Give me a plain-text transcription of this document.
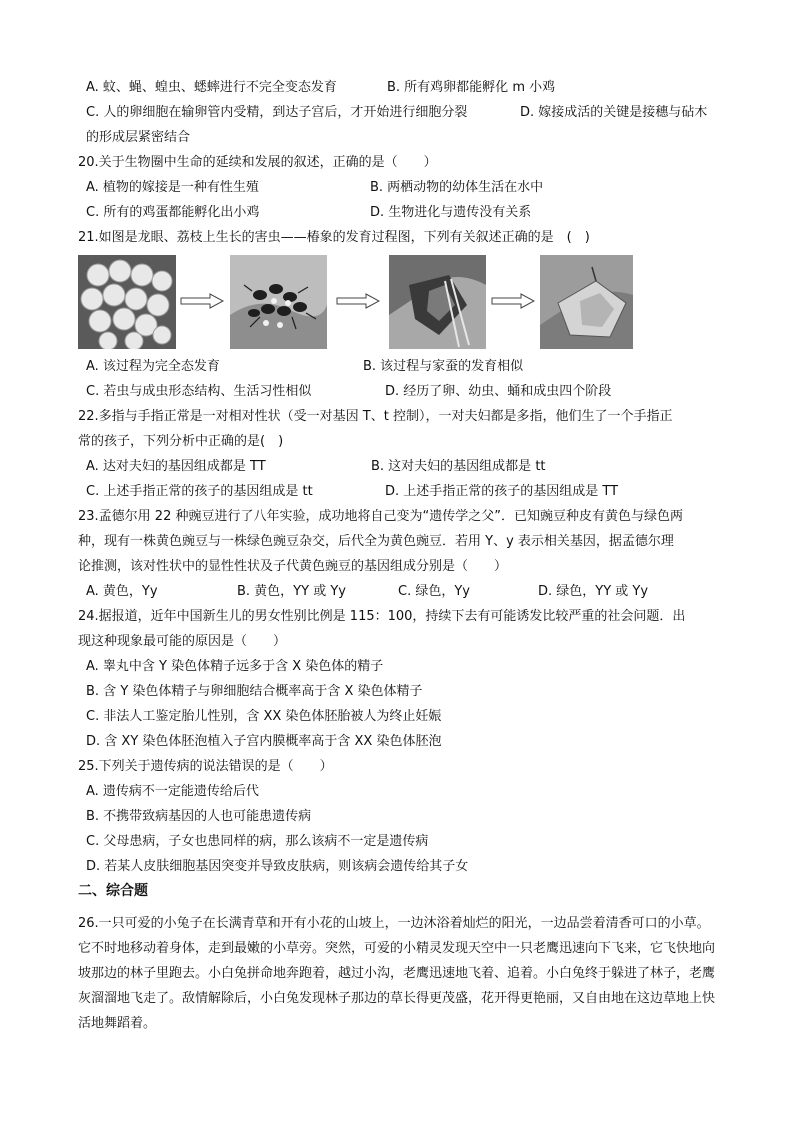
A. 蚊、蝇、蝗虫、蟋蟀进行不完全变态发育	B. 所有鸡卵都能孵化 m 小鸡
C. 人的卵细胞在输卵管内受精，到达子宫后，才开始进行细胞分裂	D. 嫁接成活的关键是接穗与砧木
的形成层紧密结合
20.关于生物圈中生命的延续和发展的叙述，正确的是（　　）
A. 植物的嫁接是一种有性生殖	B. 两栖动物的幼体生活在水中
C. 所有的鸡蛋都能孵化出小鸡	D. 生物进化与遗传没有关系
21.如图是龙眼、荔枝上生长的害虫——椿象的发育过程图，下列有关叙述正确的是　(　)
A. 该过程为完全态发育	B. 该过程与家蚕的发育相似
C. 若虫与成虫形态结构、生活习性相似	D. 经历了卵、幼虫、蛹和成虫四个阶段
22.多指与手指正常是一对相对性状（受一对基因 T、t 控制），一对夫妇都是多指，他们生了一个手指正
常的孩子，下列分析中正确的是(　)
A. 达对夫妇的基因组成都是 TT	B. 这对夫妇的基因组成都是 tt
C. 上述手指正常的孩子的基因组成是 tt	D. 上述手指正常的孩子的基因组成是 TT
23.孟德尔用 22 种豌豆进行了八年实验，成功地将自己变为“遗传学之父”．已知豌豆种皮有黄色与绿色两
种，现有一株黄色豌豆与一株绿色豌豆杂交，后代全为黄色豌豆．若用 Y、y 表示相关基因，据孟德尔理
论推测，该对性状中的显性性状及子代黄色豌豆的基因组成分别是（　　）
A. 黄色，Yy	B. 黄色，YY 或 Yy	C. 绿色，Yy	D. 绿色，YY 或 Yy
24.据报道，近年中国新生儿的男女性别比例是 115：100，持续下去有可能诱发比较严重的社会问题．出
现这种现象最可能的原因是（　　）
A. 睾丸中含 Y 染色体精子远多于含 X 染色体的精子
B. 含 Y 染色体精子与卵细胞结合概率高于含 X 染色体精子
C. 非法人工鉴定胎儿性别，含 XX 染色体胚胎被人为终止妊娠
D. 含 XY 染色体胚泡植入子宫内膜概率高于含 XX 染色体胚泡
25.下列关于遗传病的说法错误的是（　　）
A. 遗传病不一定能遗传给后代
B. 不携带致病基因的人也可能患遗传病
C. 父母患病，子女也患同样的病，那么该病不一定是遗传病
D. 若某人皮肤细胞基因突变并导致皮肤病，则该病会遗传给其子女
二、综合题
26.一只可爱的小兔子在长满青草和开有小花的山坡上，一边沐浴着灿烂的阳光，一边品尝着清香可口的小草。它不时地移动着身体，走到最嫩的小草旁。突然，可爱的小精灵发现天空中一只老鹰迅速向下飞来，它飞快地向坡那边的林子里跑去。小白兔拼命地奔跑着，越过小沟，老鹰迅速地飞着、追着。小白兔终于躲进了林子，老鹰灰溜溜地飞走了。敌情解除后，小白兔发现林子那边的草长得更茂盛，花开得更艳丽，又自由地在这边草地上快活地舞蹈着。
